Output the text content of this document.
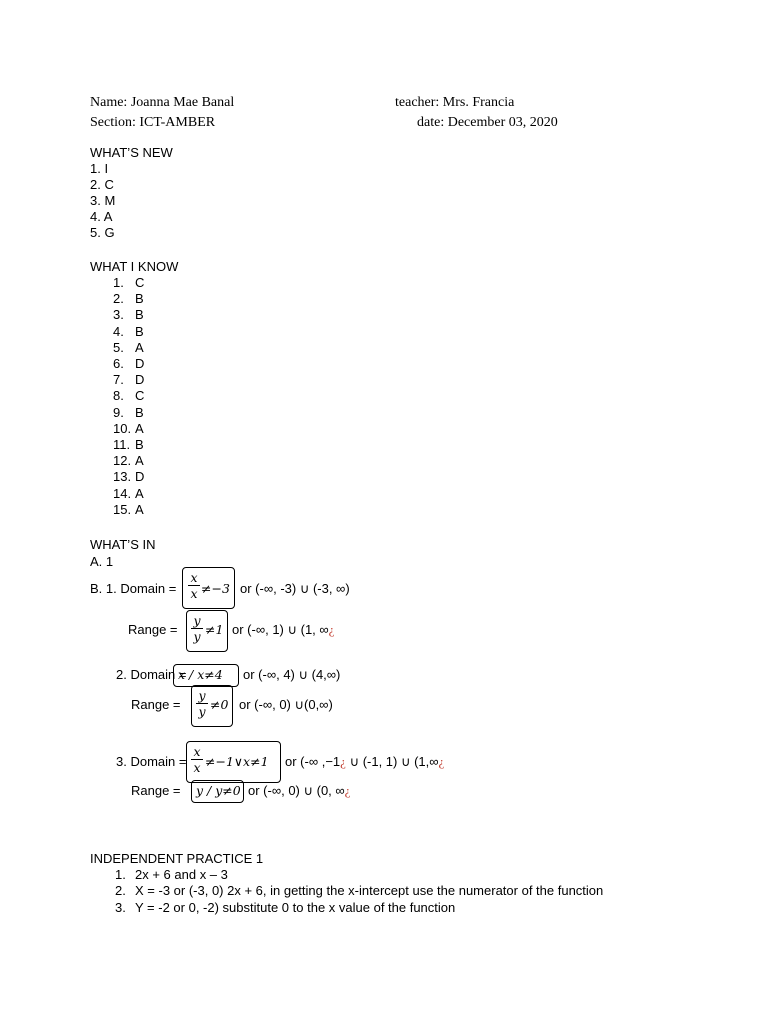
Name: Joanna Mae Banal	teacher: Mrs. Francia
Section: ICT-AMBER	date: December 03, 2020
WHAT’S NEW
1. I
2. C
3. M
4. A
5. G
WHAT I KNOW
1. C
2. B
3. B
4. B
5. A
6. D
7. D
8. C
9. B
10. A
11. B
12. A
13. D
14. A
15. A
WHAT’S IN
A. 1
B. 1. Domain =
x
x ≠−3 or (-∞, -3) ∪ (-3, ∞)
Range =
y
y ≠1 or (-∞, 1) ∪ (1, ∞¿
2. Domain =
x / x≠4 or (-∞, 4) ∪ (4,∞)
Range =
y
y ≠0 or (-∞, 0) ∪(0,∞)
3. Domain =
x
x ≠−1∨x≠1 or (-∞ ,−1¿ ∪ (-1, 1) ∪ (1,∞¿
Range = y / y≠0 or (-∞, 0) ∪ (0, ∞¿
INDEPENDENT PRACTICE 1
1. 2x + 6 and x – 3
2. X = -3 or (-3, 0) 2x + 6, in getting the x-intercept use the numerator of the function
3. Y = -2 or 0, -2) substitute 0 to the x value of the function
